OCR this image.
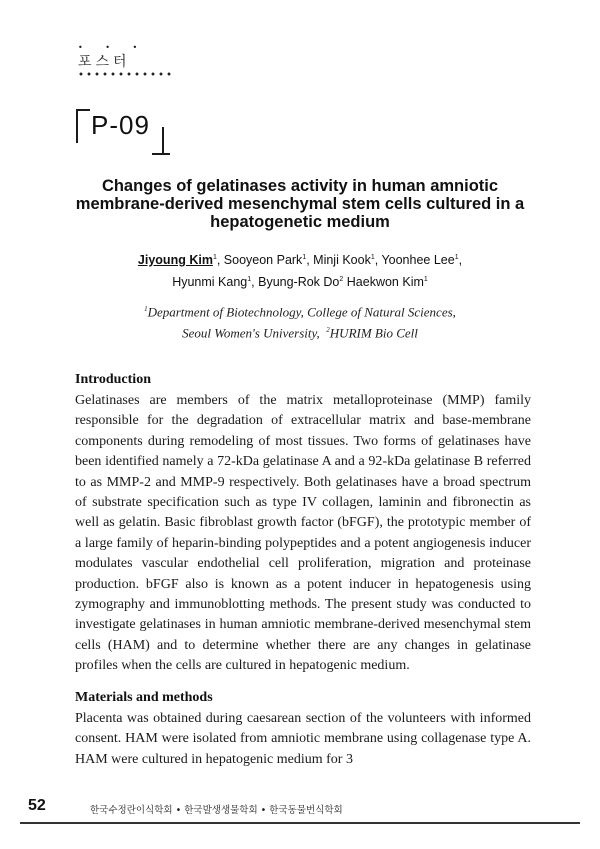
• • •
포스터
P-09
Changes of gelatinases activity in human amniotic membrane-derived mesenchymal stem cells cultured in a hepatogenetic medium
Jiyoung Kim$^1$, Sooyeon Park$^1$, Minji Kook$^1$, Yoonhee Lee$^1$,
Hyunmi Kang$^1$, Byung-Rok Do$^2$ Haekwon Kim$^1$
$^1$Department of Biotechnology, College of Natural Sciences,
Seoul Women's University, $^2$HURIM Bio Cell
Introduction
Gelatinases are members of the matrix metalloproteinase (MMP) family responsible for the degradation of extracellular matrix and base-membrane components during remodeling of most tissues. Two forms of gelatinases have been identified namely a 72-kDa gelatinase A and a 92-kDa gelatinase B referred to as MMP-2 and MMP-9 respectively. Both gelatinases have a broad spectrum of substrate specification such as type IV collagen, laminin and fibronectin as well as gelatin. Basic fibroblast growth factor (bFGF), the prototypic member of a large family of heparin-binding polypeptides and a potent angiogenesis inducer modulates vascular endothelial cell proliferation, migration and proteinase production. bFGF also is known as a potent inducer in hepatogenesis using zymography and immunoblotting methods. The present study was conducted to investigate gelatinases in human amniotic membrane-derived mesenchymal stem cells (HAM) and to determine whether there are any changes in gelatinase profiles when the cells are cultured in hepatogenic medium.
Materials and methods
Placenta was obtained during caesarean section of the volunteers with informed consent. HAM were isolated from amniotic membrane using collagenase type A. HAM were cultured in hepatogenic medium for 3
52	한국수정란이식학회 • 한국발생생물학회 • 한국동물번식학회
